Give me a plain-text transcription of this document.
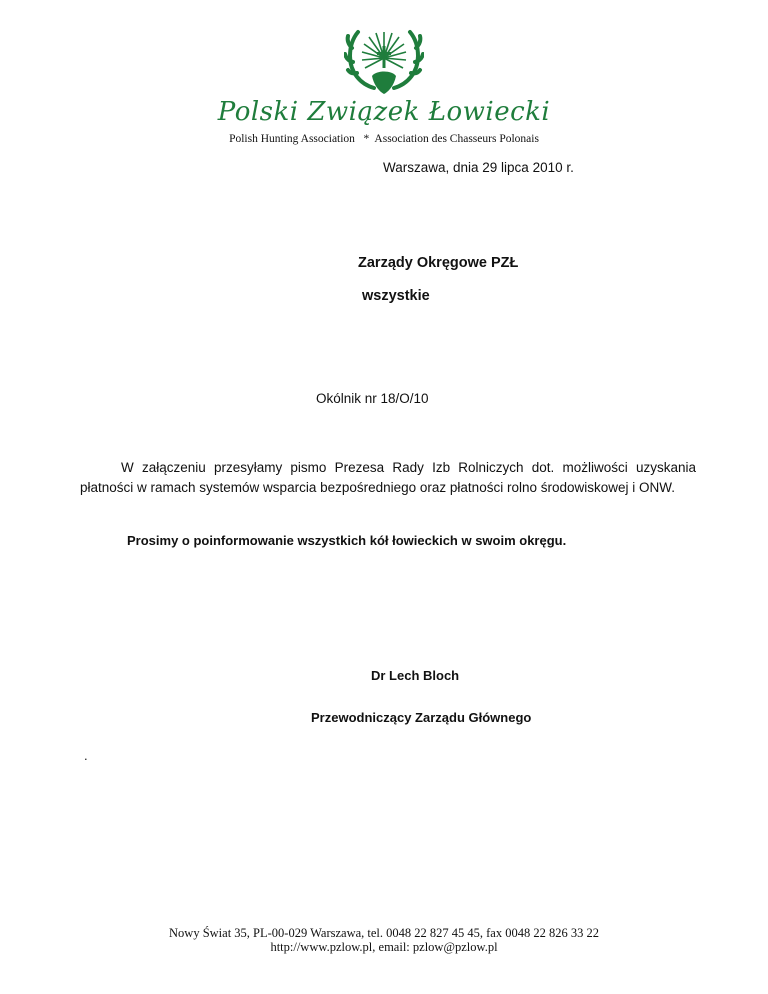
Polski Związek Łowiecki
Polish Hunting Association   *  Association des Chasseurs Polonais
Warszawa, dnia 29 lipca 2010 r.
Zarządy Okręgowe PZŁ
wszystkie
Okólnik nr 18/O/10

W załączeniu przesyłamy pismo Prezesa Rady Izb Rolniczych dot. możliwości uzyskania płatności w ramach systemów wsparcia bezpośredniego oraz płatności rolno środowiskowej i ONW.

Prosimy o poinformowanie wszystkich kół łowieckich w swoim okręgu.
Dr Lech Bloch
Przewodniczący Zarządu Głównego
.
Nowy Świat 35, PL-00-029 Warszawa, tel. 0048 22 827 45 45, fax 0048 22 826 33 22
http://www.pzlow.pl, email: pzlow@pzlow.pl
